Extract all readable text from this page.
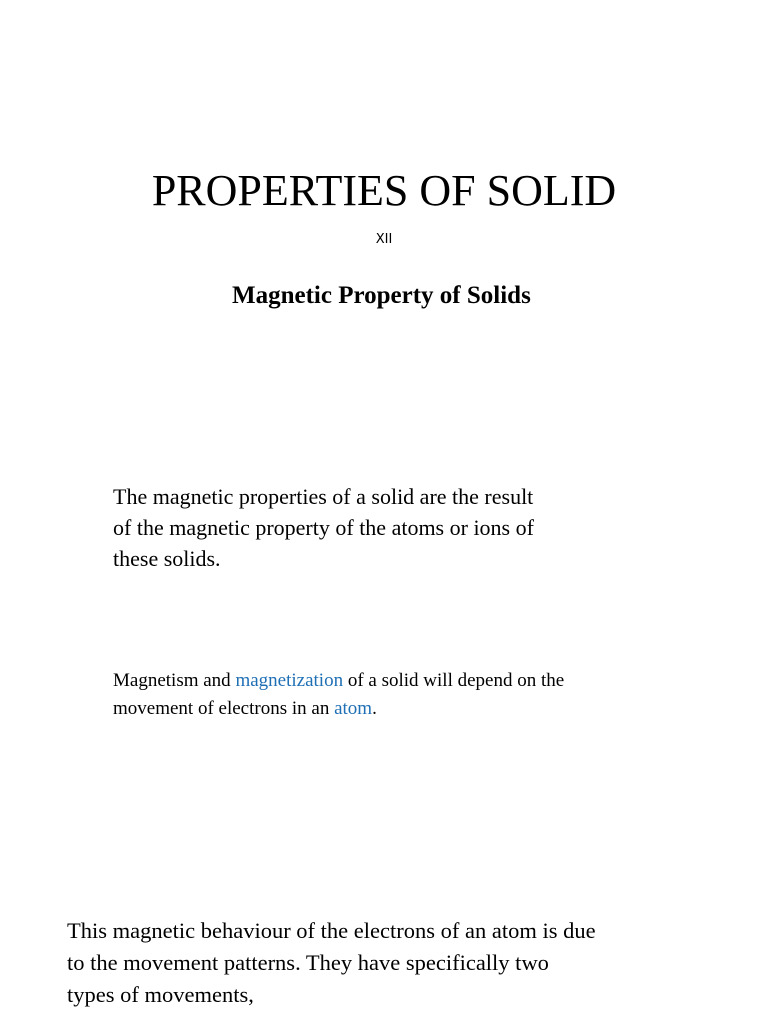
PROPERTIES OF SOLID
XII
Magnetic Property of Solids
The magnetic properties of a solid are the result
of the magnetic property of the atoms or ions of
these solids.
Magnetism and magnetization of a solid will depend on the
movement of electrons in an atom.
This magnetic behaviour of the electrons of an atom is due
to the movement patterns. They have specifically two
types of movements,
